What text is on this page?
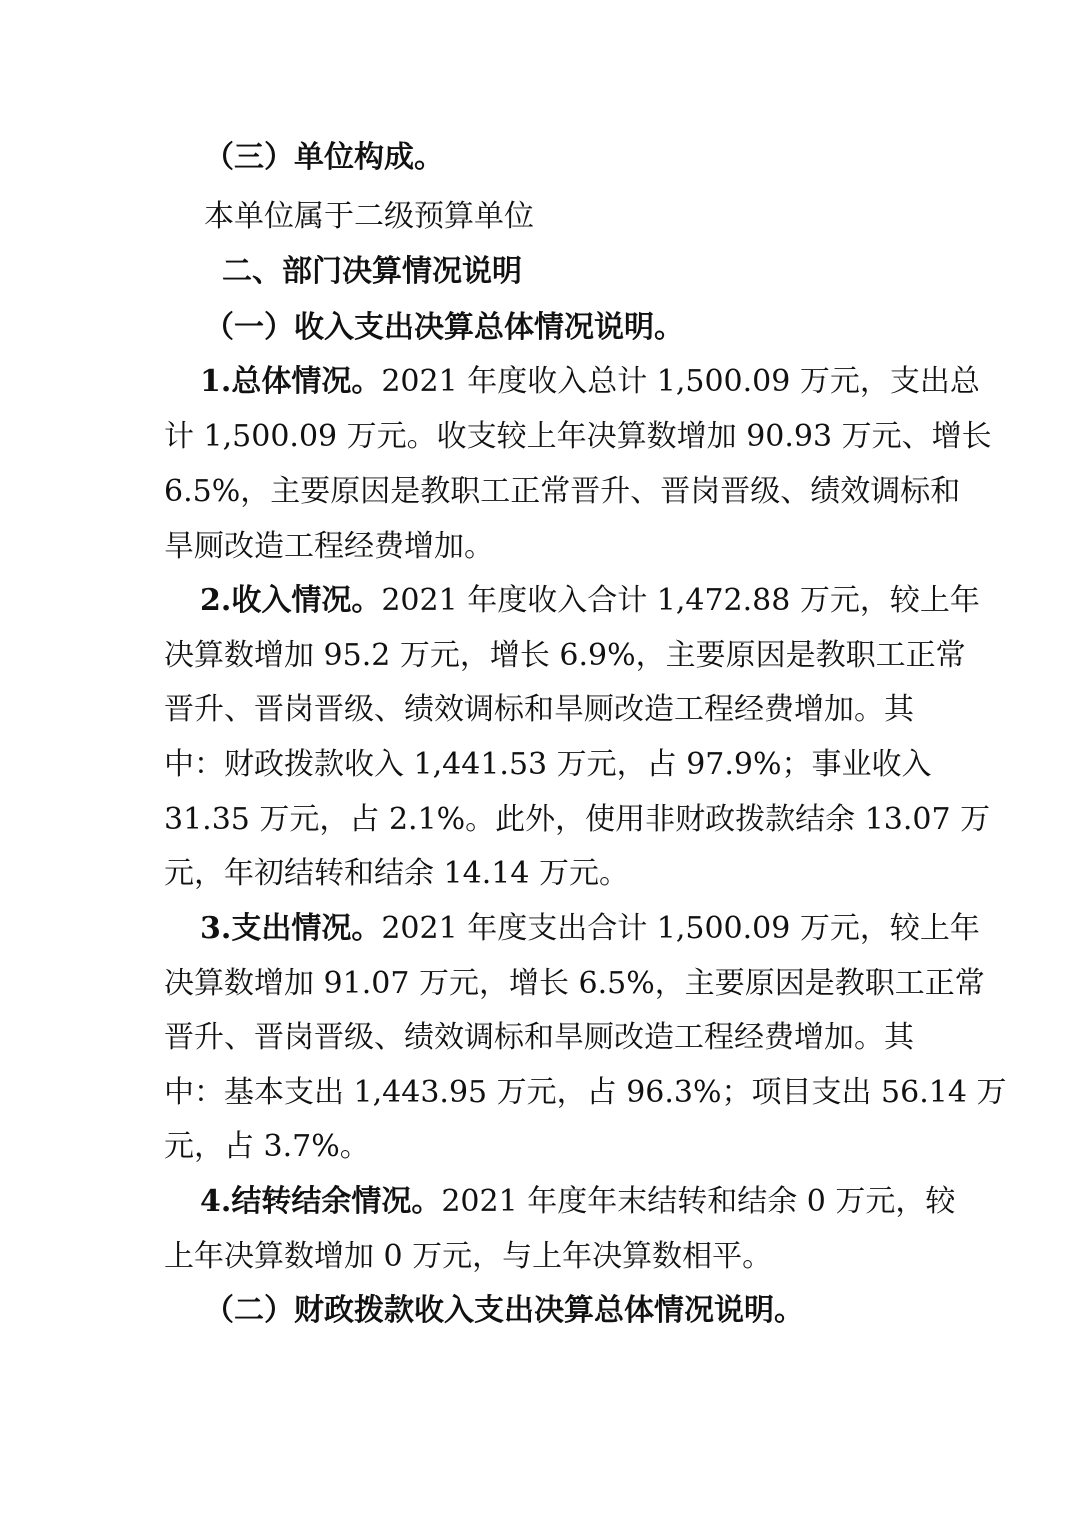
（三）单位构成。
本单位属于二级预算单位
二、部门决算情况说明
（一）收入支出决算总体情况说明。
1.总体情况。2021 年度收入总计 1,500.09 万元，支出总
计 1,500.09 万元。收支较上年决算数增加 90.93 万元、增长
6.5%，主要原因是教职工正常晋升、晋岗晋级、绩效调标和
旱厕改造工程经费增加。
2.收入情况。2021 年度收入合计 1,472.88 万元，较上年
决算数增加 95.2 万元，增长 6.9%，主要原因是教职工正常
晋升、晋岗晋级、绩效调标和旱厕改造工程经费增加。其
中：财政拨款收入 1,441.53 万元，占 97.9%；事业收入
31.35 万元，占 2.1%。此外，使用非财政拨款结余 13.07 万
元，年初结转和结余 14.14 万元。
3.支出情况。2021 年度支出合计 1,500.09 万元，较上年
决算数增加 91.07 万元，增长 6.5%，主要原因是教职工正常
晋升、晋岗晋级、绩效调标和旱厕改造工程经费增加。其
中：基本支出 1,443.95 万元，占 96.3%；项目支出 56.14 万
元，占 3.7%。
4.结转结余情况。2021 年度年末结转和结余 0 万元，较
上年决算数增加 0 万元，与上年决算数相平。
（二）财政拨款收入支出决算总体情况说明。
